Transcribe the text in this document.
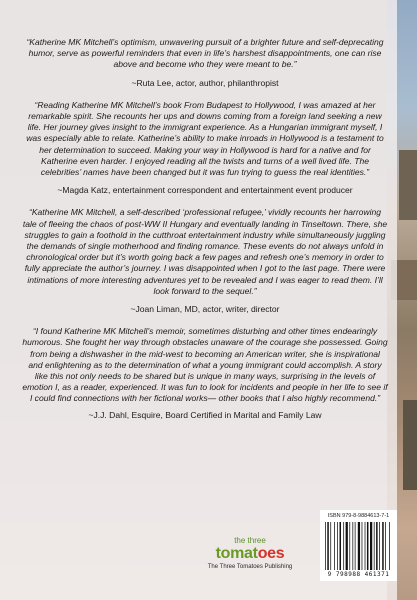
“Katherine MK Mitchell’s optimism, unwavering pursuit of a brighter future and self-deprecating humor, serve as powerful reminders that even in life’s harshest disappointments, one can rise above and become who they were meant to be.”

~Ruta Lee, actor, author, philanthropist

“Reading Katherine MK Mitchell’s book From Budapest to Hollywood, I was amazed at her remarkable spirit. She recounts her ups and downs coming from a foreign land seeking a new life. Her journey gives insight to the immigrant experience. As a Hungarian immigrant myself, I was especially able to relate. Katherine’s ability to make inroads in Hollywood is a testament to her determination to succeed. Making your way in Hollywood is hard for a native and for Katherine even harder. I enjoyed reading all the twists and turns of a well lived life. The celebrities’ names have been changed but it was fun trying to guess the real identities.”

~Magda Katz, entertainment correspondent and entertainment event producer

“Katherine MK Mitchell, a self-described ‘professional refugee,’ vividly recounts her harrowing tale of fleeing the chaos of post-WW II Hungary and eventually landing in Tinseltown. There, she struggles to gain a foothold in the cutthroat entertainment industry while simultaneously juggling the demands of single motherhood and finding romance. These events do not always unfold in chronological order but it’s worth going back a few pages and refresh one’s memory in order to fully appreciate the author’s journey. I was disappointed when I got to the last page. There were intimations of more interesting adventures yet to be revealed and I was eager to read them. I’ll look forward to the sequel.”

~Joan Liman, MD, actor, writer, director

“I found Katherine MK Mitchell’s memoir, sometimes disturbing and other times endearingly humorous. She fought her way through obstacles unaware of the courage she possessed. Going from being a dishwasher in the mid-west to becoming an American writer, she is inspirational and enlightening as to the determination of what a young immigrant could accomplish. A story like this not only needs to be shared but is unique in many ways, surprising in the levels of emotion I, as a reader, experienced. It was fun to look for incidents and people in her life to see if I could find connections with her fictional works— other books that I also highly recommend.”

~J.J. Dahl, Esquire, Board Certified in Marital and Family Law

the three
tomatoes
The Three Tomatoes Publishing
ISBN 979-8-9884613-7-1
9 798988 461371
